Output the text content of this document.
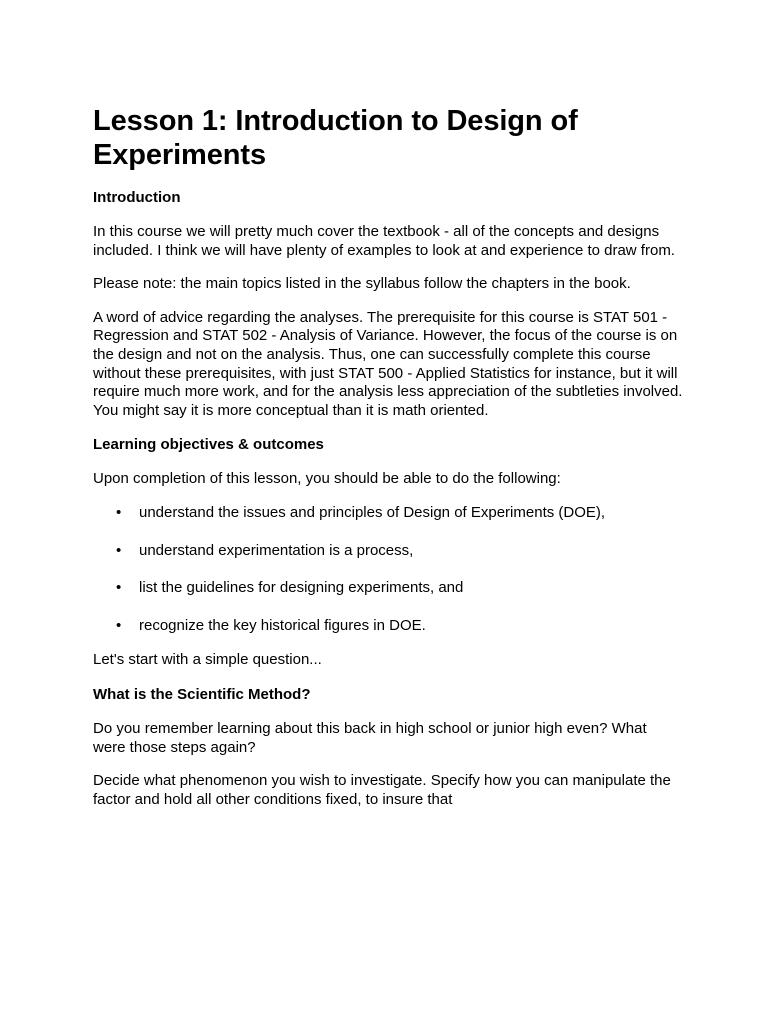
Lesson 1: Introduction to Design of Experiments
Introduction

In this course we will pretty much cover the textbook - all of the concepts and designs included. I think we will have plenty of examples to look at and experience to draw from.

Please note: the main topics listed in the syllabus follow the chapters in the book.

A word of advice regarding the analyses. The prerequisite for this course is STAT 501 - Regression and STAT 502 - Analysis of Variance. However, the focus of the course is on the design and not on the analysis. Thus, one can successfully complete this course without these prerequisites, with just STAT 500 - Applied Statistics for instance, but it will require much more work, and for the analysis less appreciation of the subtleties involved. You might say it is more conceptual than it is math oriented.

Learning objectives & outcomes

Upon completion of this lesson, you should be able to do the following:

• understand the issues and principles of Design of Experiments (DOE),
• understand experimentation is a process,
• list the guidelines for designing experiments, and
• recognize the key historical figures in DOE.

Let's start with a simple question...

What is the Scientific Method?

Do you remember learning about this back in high school or junior high even? What were those steps again?

Decide what phenomenon you wish to investigate. Specify how you can manipulate the factor and hold all other conditions fixed, to insure that
